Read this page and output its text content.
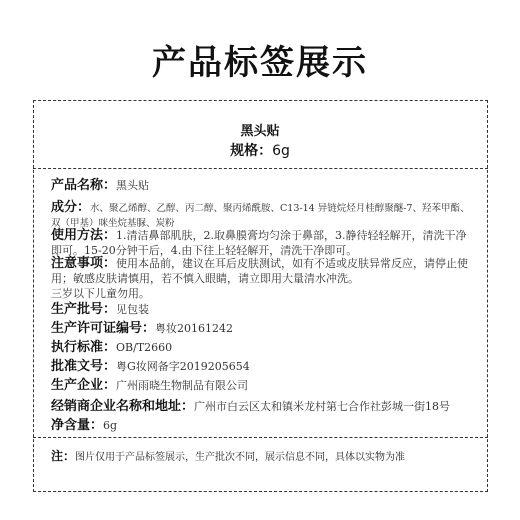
产品标签展示
黑头贴
规格：6g
产品名称：黑头贴
成分：水、聚乙烯醇、乙醇、丙二醇、聚丙烯酰胺、C13-14 异链烷烃月桂醇聚醚-7、羟苯甲酯、双（甲基）咪坐烷基脲、炭粉
使用方法：1.清洁鼻部肌肤，2.取鼻膜膏均匀涂于鼻部，3.静待轻轻解开，清洗干净即可。15-20分钟干后，4.由下往上轻轻解开，清洗干净即可。
注意事项：使用本品前，建议在耳后皮肤测试，如有不适或皮肤异常反应，请停止使用；敏感皮肤请慎用，若不慎入眼睛，请立即用大量清水冲洗。
三岁以下儿童勿用。
生产批号：见包装
生产许可证编号：粤妆20161242
执行标准：OB/T2660
批准文号：粤G妆网备字2019205654
生产企业：广州雨晓生物制品有限公司
经销商企业名称和地址：广州市白云区太和镇米龙村第七合作社彭城一街18号
净含量：6g
注：图片仅用于产品标签展示，生产批次不同，展示信息不同，具体以实物为准
